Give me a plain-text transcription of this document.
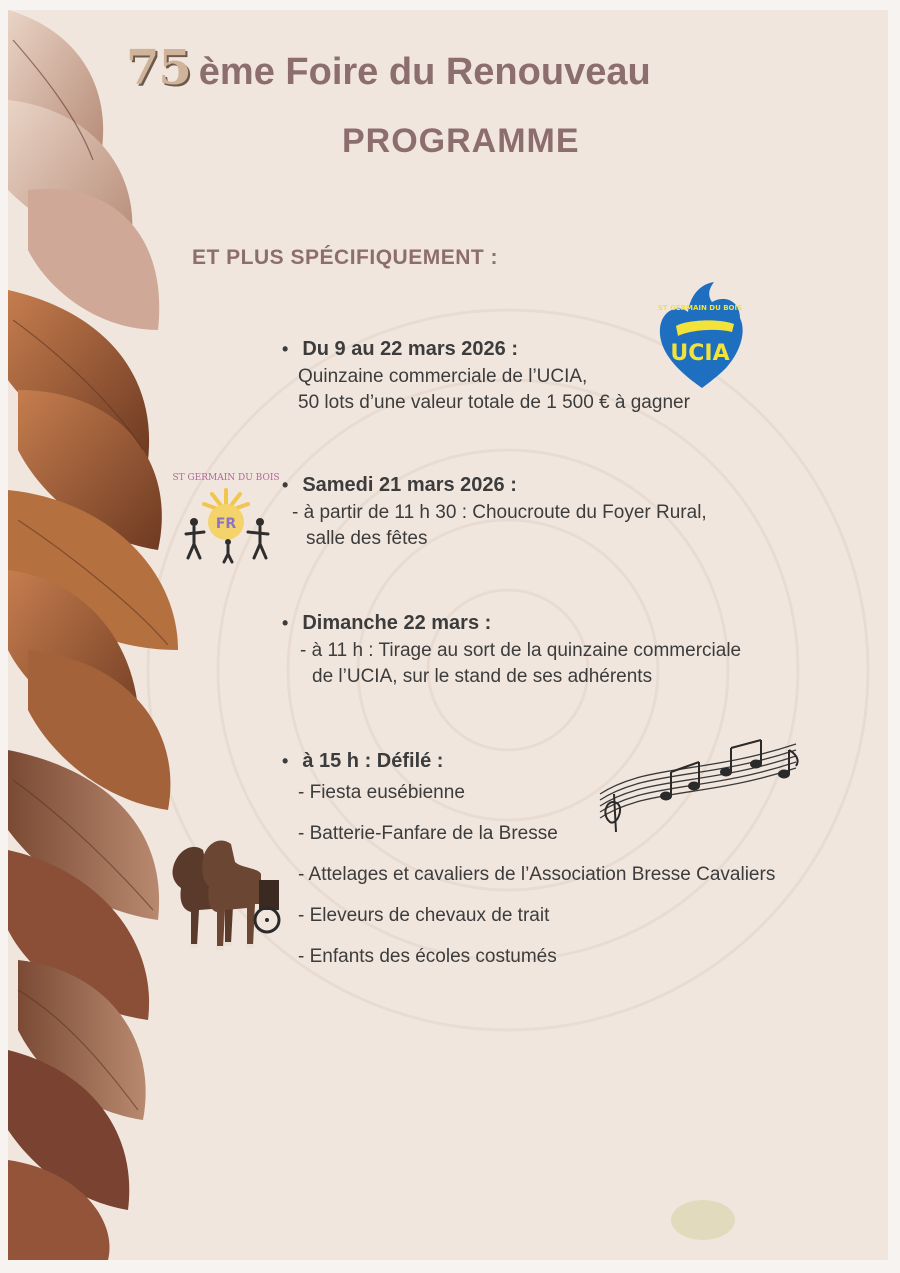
75 ème Foire du Renouveau
PROGRAMME
ET PLUS SPÉCIFIQUEMENT :
ST GERMAIN DU BOIS
UCIA
• Du 9 au 22 mars 2026 :
Quinzaine commerciale de l’UCIA,
50 lots d’une valeur totale de 1 500 € à gagner
ST GERMAIN DU BOIS
FR
• Samedi 21 mars 2026 :
- à partir de 11 h 30 : Choucroute du Foyer Rural,
salle des fêtes
• Dimanche 22 mars :
- à 11 h : Tirage au sort de la quinzaine commerciale
de l’UCIA, sur le stand de ses adhérents
• à 15 h : Défilé :
- Fiesta eusébienne
- Batterie-Fanfare de la Bresse
- Attelages et cavaliers de l’Association Bresse Cavaliers
- Eleveurs de chevaux de trait
- Enfants des écoles costumés
